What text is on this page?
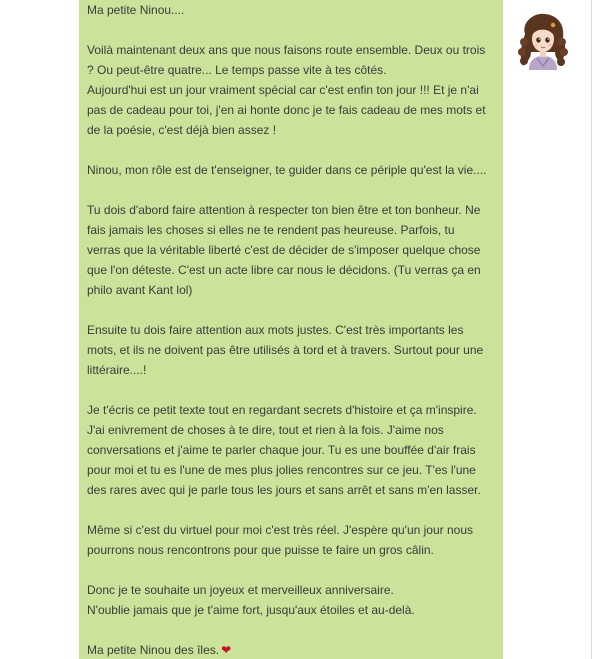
Ma petite Ninou....
Voilà maintenant deux ans que nous faisons route ensemble. Deux ou trois
? Ou peut-être quatre... Le temps passe vite à tes côtés.
Aujourd'hui est un jour vraiment spécial car c'est enfin ton jour !!! Et je n'ai
pas de cadeau pour toi, j'en ai honte donc je te fais cadeau de mes mots et
de la poésie, c'est déjà bien assez !
Ninou, mon rôle est de t'enseigner, te guider dans ce périple qu'est la vie....
Tu dois d'abord faire attention à respecter ton bien être et ton bonheur. Ne
fais jamais les choses si elles ne te rendent pas heureuse. Parfois, tu
verras que la véritable liberté c'est de décider de s'imposer quelque chose
que l'on déteste. C'est un acte libre car nous le décidons. (Tu verras ça en
philo avant Kant lol)
Ensuite tu dois faire attention aux mots justes. C'est très importants les
mots, et ils ne doivent pas être utilisés à tord et à travers. Surtout pour une
littéraire....!
Je t'écris ce petit texte tout en regardant secrets d'histoire et ça m'inspire.
J'ai enivrement de choses à te dire, tout et rien à la fois. J'aime nos
conversations et j'aime te parler chaque jour. Tu es une bouffée d'air frais
pour moi et tu es l'une de mes plus jolies rencontres sur ce jeu. T'es l'une
des rares avec qui je parle tous les jours et sans arrêt et sans m'en lasser.
Même si c'est du virtuel pour moi c'est très réel. J'espère qu'un jour nous
pourrons nous rencontrons pour que puisse te faire un gros câlin.
Donc je te souhaite un joyeux et merveilleux anniversaire.
N'oublie jamais que je t'aime fort, jusqu'aux étoiles et au-delà.
Ma petite Ninou des îles. ❤
